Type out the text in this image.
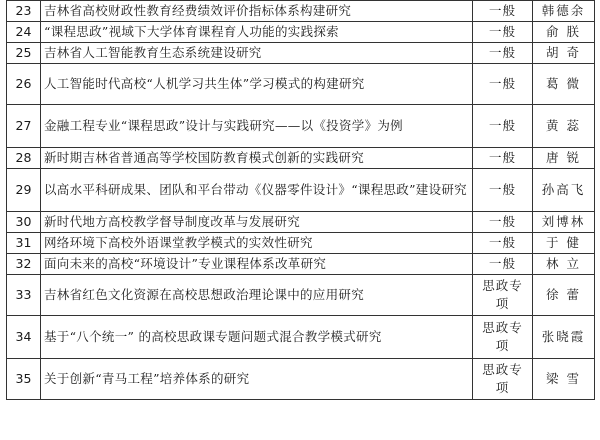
23	吉林省高校财政性教育经费绩效评价指标体系构建研究	一般	韩德余
24	“课程思政”视域下大学体育课程育人功能的实践探索	一般	俞 朕
25	吉林省人工智能教育生态系统建设研究	一般	胡 奇
26	人工智能时代高校“人机学习共生体”学习模式的构建研究	一般	葛 微
27	金融工程专业“课程思政”设计与实践研究——以《投资学》为例	一般	黄 蕊
28	新时期吉林省普通高等学校国防教育模式创新的实践研究	一般	唐 锐
29	以高水平科研成果、团队和平台带动《仪器零件设计》“课程思政”建设研究	一般	孙高飞
30	新时代地方高校教学督导制度改革与发展研究	一般	刘博林
31	网络环境下高校外语课堂教学模式的实效性研究	一般	于 健
32	面向未来的高校“环境设计”专业课程体系改革研究	一般	林 立
33	吉林省红色文化资源在高校思想政治理论课中的应用研究	思政专项	徐 蕾
34	基于“八个统一” 的高校思政课专题问题式混合教学模式研究	思政专项	张晓霞
35	关于创新“青马工程”培养体系的研究	思政专项	梁 雪
